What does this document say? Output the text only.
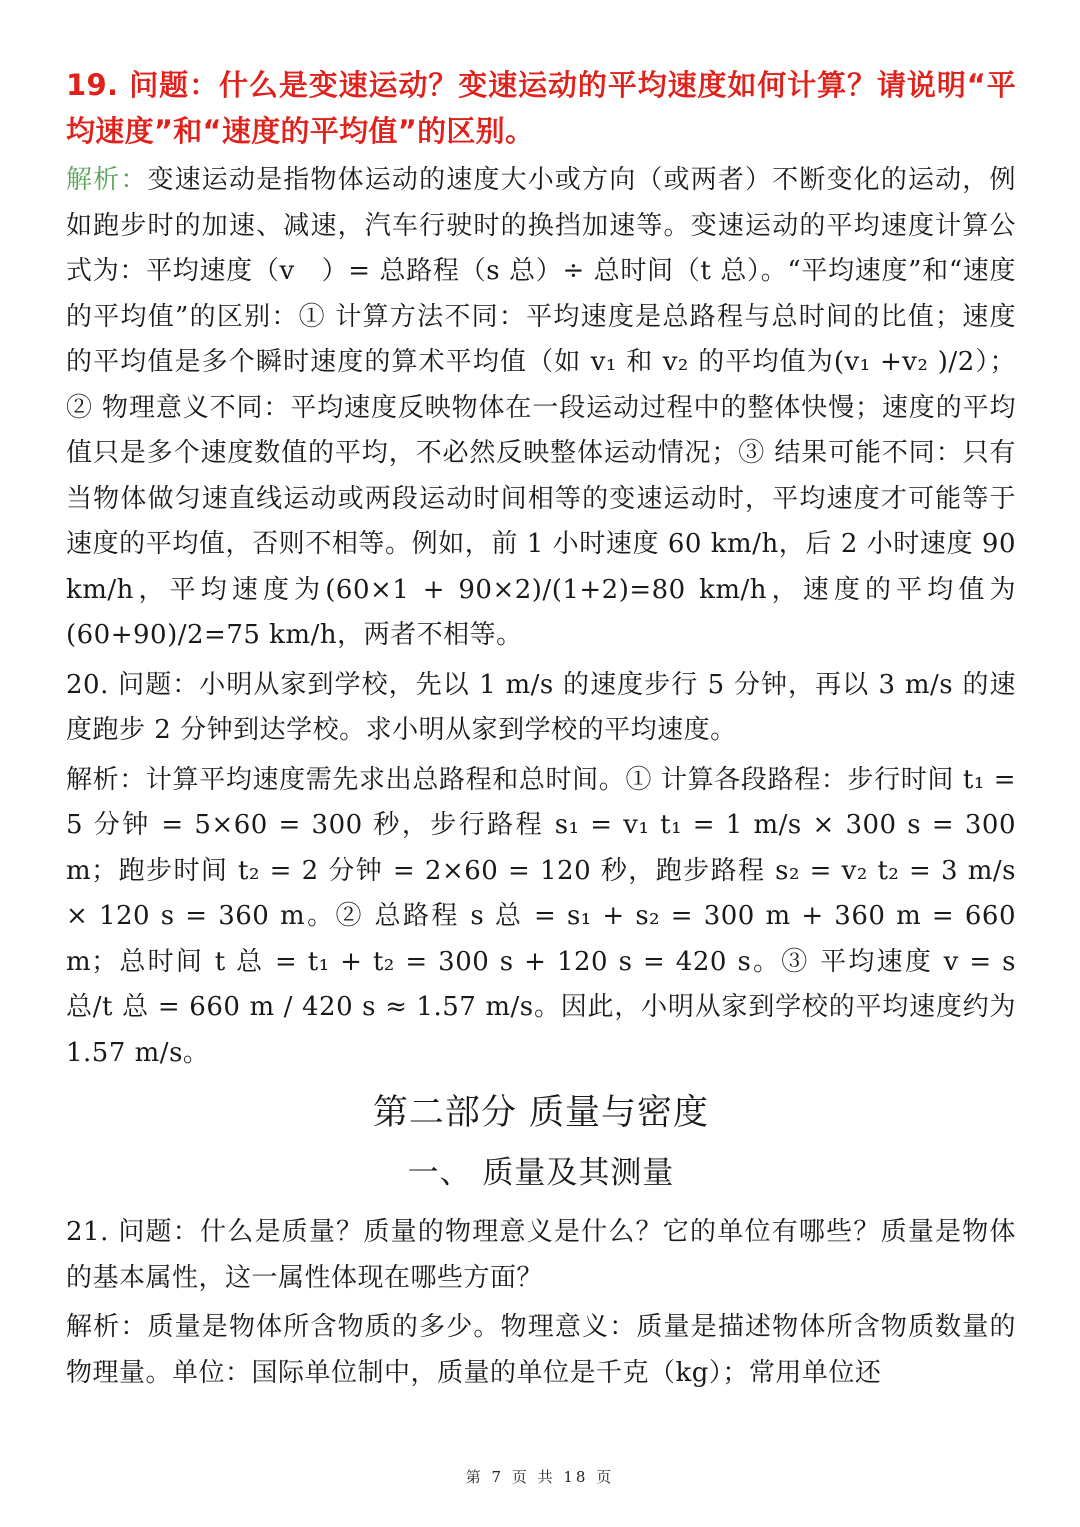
19. 问题：什么是变速运动？变速运动的平均速度如何计算？请说明“平均速度”和“速度的平均值”的区别。

解析：变速运动是指物体运动的速度大小或方向（或两者）不断变化的运动，例如跑步时的加速、减速，汽车行驶时的换挡加速等。变速运动的平均速度计算公式为：平均速度（v　）= 总路程（s 总）÷ 总时间（t 总）。“平均速度”和“速度的平均值”的区别：① 计算方法不同：平均速度是总路程与总时间的比值；速度的平均值是多个瞬时速度的算术平均值（如 v₁ 和 v₂ 的平均值为(v₁ +v₂ )/2）；② 物理意义不同：平均速度反映物体在一段运动过程中的整体快慢；速度的平均值只是多个速度数值的平均，不必然反映整体运动情况；③ 结果可能不同：只有当物体做匀速直线运动或两段运动时间相等的变速运动时，平均速度才可能等于速度的平均值，否则不相等。例如，前 1 小时速度 60 km/h，后 2 小时速度 90 km/h，平均速度为(60×1 + 90×2)/(1+2)=80 km/h，速度的平均值为(60+90)/2=75 km/h，两者不相等。

20. 问题：小明从家到学校，先以 1 m/s 的速度步行 5 分钟，再以 3 m/s 的速度跑步 2 分钟到达学校。求小明从家到学校的平均速度。

解析：计算平均速度需先求出总路程和总时间。① 计算各段路程：步行时间 t₁ = 5 分钟 = 5×60 = 300 秒，步行路程 s₁ = v₁ t₁ = 1 m/s × 300 s = 300 m；跑步时间 t₂ = 2 分钟 = 2×60 = 120 秒，跑步路程 s₂ = v₂ t₂ = 3 m/s × 120 s = 360 m。② 总路程 s 总 = s₁ + s₂ = 300 m + 360 m = 660 m；总时间 t 总 = t₁ + t₂ = 300 s + 120 s = 420 s。③ 平均速度 v = s 总/t 总 = 660 m / 420 s ≈ 1.57 m/s。因此，小明从家到学校的平均速度约为 1.57 m/s。

第二部分 质量与密度
一、 质量及其测量

21. 问题：什么是质量？质量的物理意义是什么？它的单位有哪些？质量是物体的基本属性，这一属性体现在哪些方面？

解析：质量是物体所含物质的多少。物理意义：质量是描述物体所含物质数量的物理量。单位：国际单位制中，质量的单位是千克（kg）；常用单位还

第 7 页 共 18 页
